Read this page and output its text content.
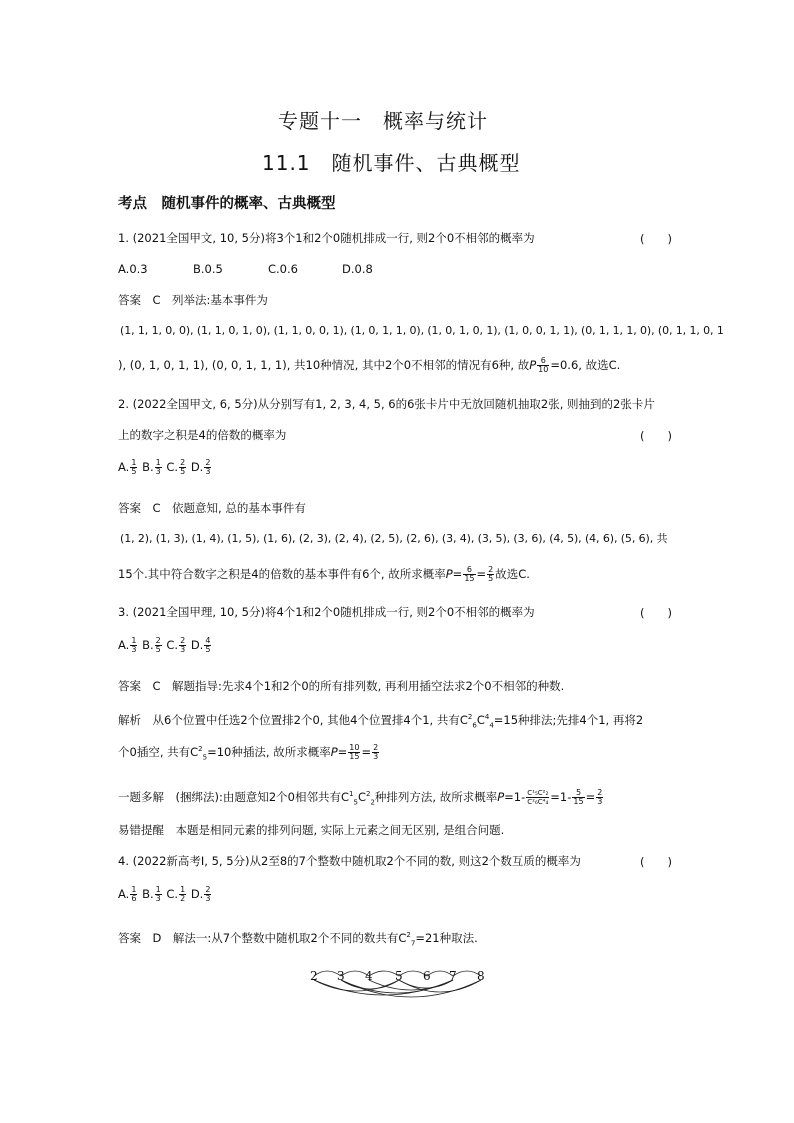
专题十一　概率与统计
11.1　随机事件、古典概型
考点　随机事件的概率、古典概型
1. (2021全国甲文, 10, 5分)将3个1和2个0随机排成一行, 则2个0不相邻的概率为	(　　)
A.0.3	B.0.5	C.0.6	D.0.8
答案　C　列举法:基本事件为
(1, 1, 1, 0, 0), (1, 1, 0, 1, 0), (1, 1, 0, 0, 1), (1, 0, 1, 1, 0), (1, 0, 1, 0, 1), (1, 0, 0, 1, 1), (0, 1, 1, 1, 0), (0, 1, 1, 0, 1
), (0, 1, 0, 1, 1), (0, 0, 1, 1, 1), 共10种情况, 其中2个0不相邻的情况有6种, 故P $\frac{6}{10} =0.6$, 故选C.
2. (2022全国甲文, 6, 5分)从分别写有1, 2, 3, 4, 5, 6的6张卡片中无放回随机抽取2张, 则抽到的2张卡片
上的数字之积是4的倍数的概率为	(　　)
A. $\frac{1}{5} B$. $\frac{1}{3} C$. $\frac{2}{5} D$. $\frac{2}{3}$
答案　C　依题意知, 总的基本事件有
(1, 2), (1, 3), (1, 4), (1, 5), (1, 6), (2, 3), (2, 4), (2, 5), (2, 6), (3, 4), (3, 5), (3, 6), (4, 5), (4, 6), (5, 6), 共
15个.其中符合数字之积是4的倍数的基本事件有6个, 故所求概率$P= \frac{6}{15} = \frac{2}{5}$ 故选C.
3. (2021全国甲理, 10, 5分)将4个1和2个0随机排成一行, 则2个0不相邻的概率为	(　　)
A. $\frac{1}{3} B$. $\frac{2}{5} C$. $\frac{2}{3} D$. $\frac{4}{5}$
答案　C　解题指导:先求4个1和2个0的所有排列数, 再利用插空法求2个0不相邻的种数.
解析　从6个位置中任选2个位置排2个0, 其他4个位置排4个1, 共有$C^2_6C^4_4=15$种排法;先排4个1, 再将2
个0插空, 共有$C^2_5=10$种插法, 故所求概率$P= \frac{10}{15} = \frac{2}{3}$
一题多解　(捆绑法):由题意知2个0相邻共有$C^1_5C^2_2$种排列方法, 故所求概率$P=1- \frac{\text{C¹₅C²₂}}{\text{C²₆C⁴₄}} =1- \frac{5}{15} = \frac{2}{3}$
易错提醒　本题是相同元素的排列问题, 实际上元素之间无区别, 是组合问题.
4. (2022新高考Ⅰ, 5, 5分)从2至8的7个整数中随机取2个不同的数, 则这2个数互质的概率为	(　　)
A. $\frac{1}{6} B$. $\frac{1}{3} C$. $\frac{1}{2} D$. $\frac{2}{3}$
答案　D　解法一:从7个整数中随机取2个不同的数共有$C^2_7=21$种取法.
2 3 4 5 6 7 8
